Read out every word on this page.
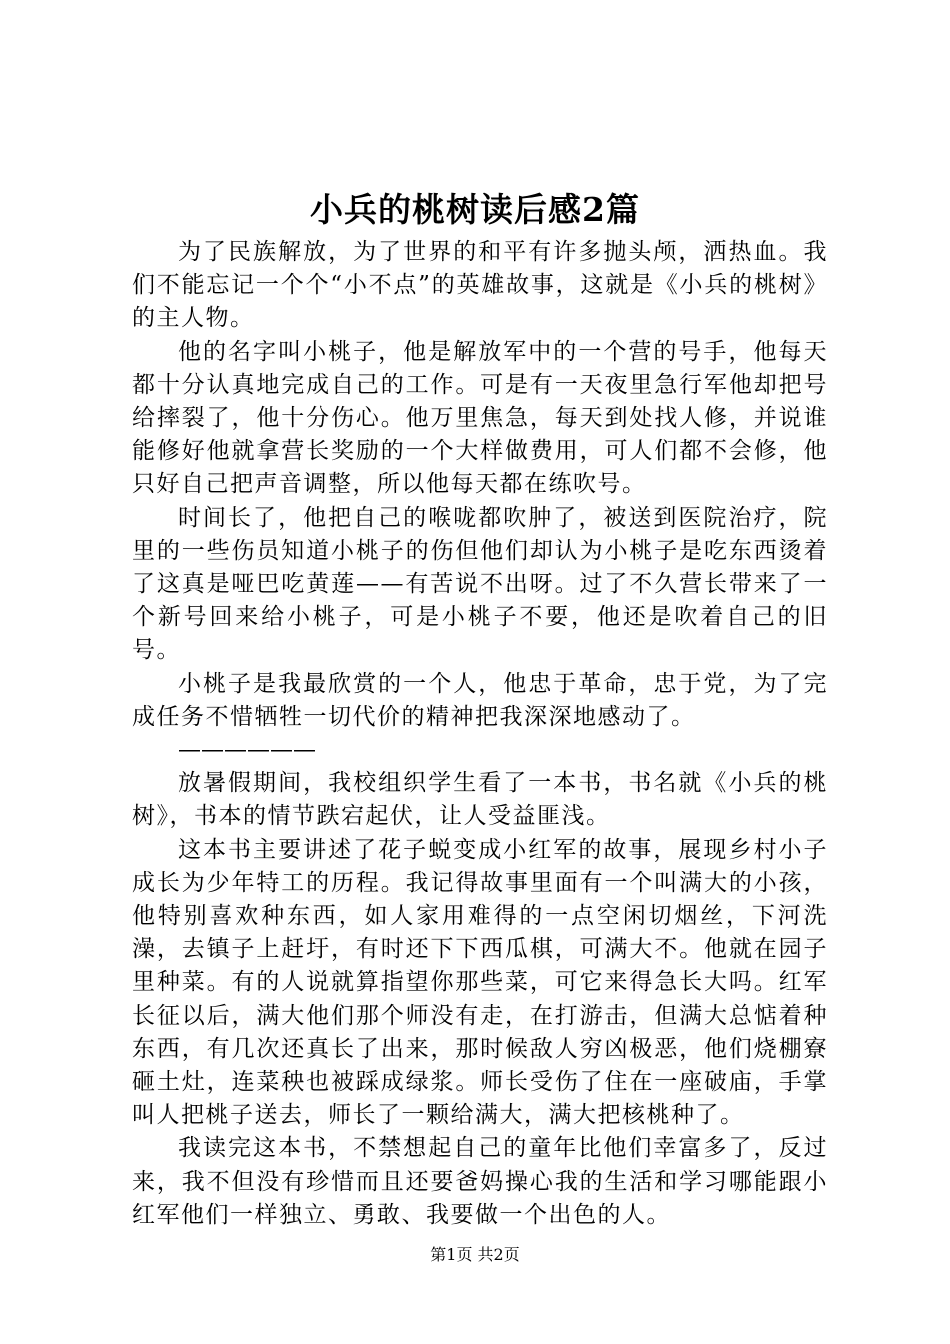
小兵的桃树读后感2篇

为了民族解放，为了世界的和平有许多抛头颅，洒热血。我们不能忘记一个个“小不点”的英雄故事，这就是《小兵的桃树》的主人物。

他的名字叫小桃子，他是解放军中的一个营的号手，他每天都十分认真地完成自己的工作。可是有一天夜里急行军他却把号给摔裂了，他十分伤心。他万里焦急，每天到处找人修，并说谁能修好他就拿营长奖励的一个大样做费用，可人们都不会修，他只好自己把声音调整，所以他每天都在练吹号。

时间长了，他把自己的喉咙都吹肿了，被送到医院治疗，院里的一些伤员知道小桃子的伤但他们却认为小桃子是吃东西烫着了这真是哑巴吃黄莲——有苦说不出呀。过了不久营长带来了一个新号回来给小桃子，可是小桃子不要，他还是吹着自己的旧号。

小桃子是我最欣赏的一个人，他忠于革命，忠于党，为了完成任务不惜牺牲一切代价的精神把我深深地感动了。

——————

放暑假期间，我校组织学生看了一本书，书名就《小兵的桃树》，书本的情节跌宕起伏，让人受益匪浅。

这本书主要讲述了花子蜕变成小红军的故事，展现乡村小子成长为少年特工的历程。我记得故事里面有一个叫满大的小孩，他特别喜欢种东西，如人家用难得的一点空闲切烟丝，下河洗澡，去镇子上赶圩，有时还下下西瓜棋，可满大不。他就在园子里种菜。有的人说就算指望你那些菜，可它来得急长大吗。红军长征以后，满大他们那个师没有走，在打游击，但满大总惦着种东西，有几次还真长了出来，那时候敌人穷凶极恶，他们烧棚寮砸土灶，连菜秧也被踩成绿浆。师长受伤了住在一座破庙，手掌叫人把桃子送去，师长了一颗给满大，满大把核桃种了。

我读完这本书，不禁想起自己的童年比他们幸富多了，反过来，我不但没有珍惜而且还要爸妈操心我的生活和学习哪能跟小红军他们一样独立、勇敢、我要做一个出色的人。

第1页 共2页
